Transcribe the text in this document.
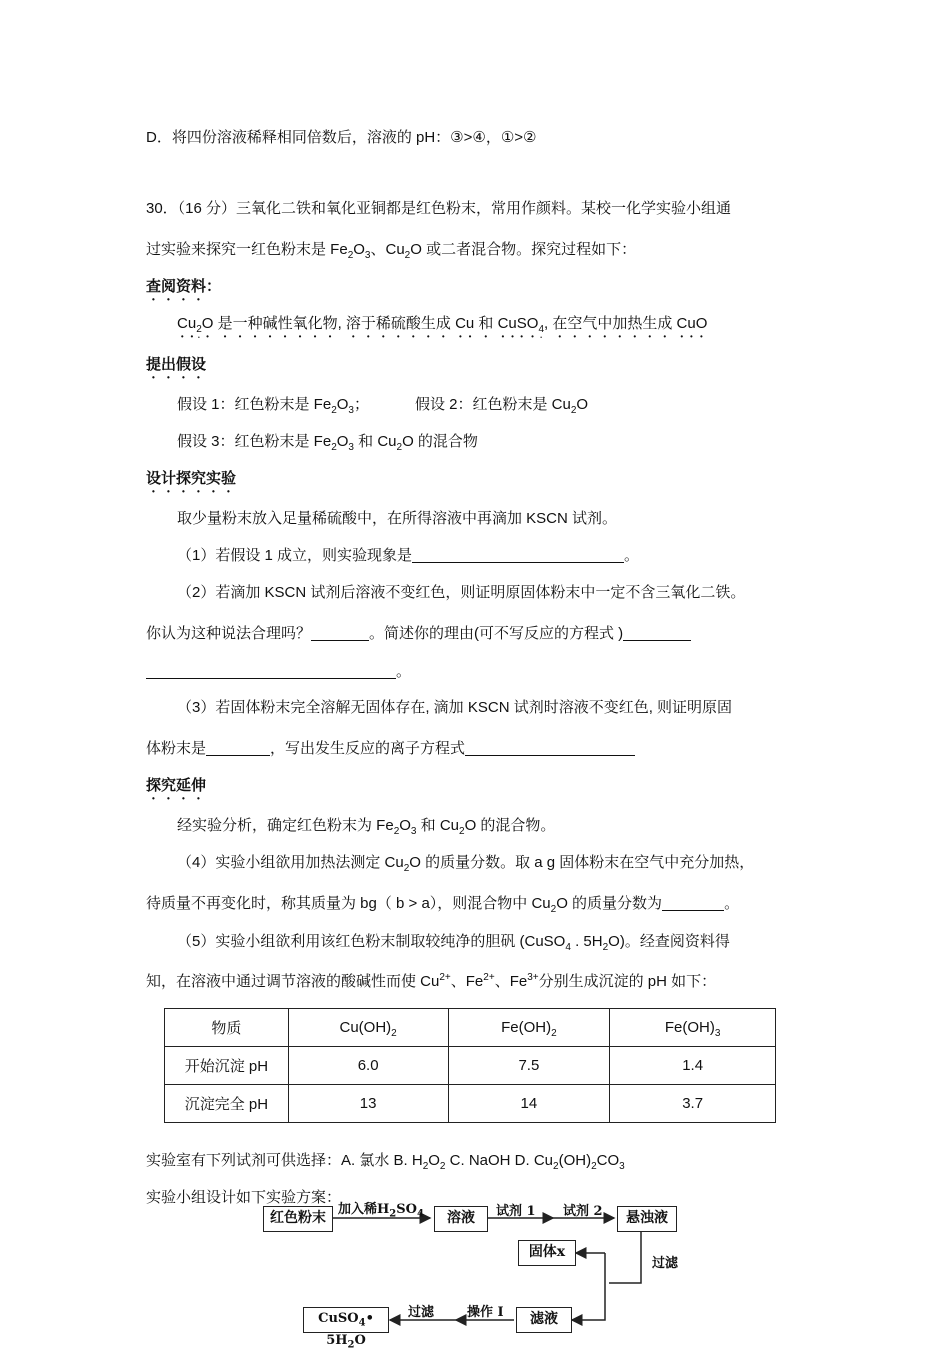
D．将四份溶液稀释相同倍数后，溶液的 pH：③>④，①>②
30．（16 分）三氧化二铁和氧化亚铜都是红色粉末，常用作颜料。某校一化学实验小组通
过实验来探究一红色粉末是 $Fe_2O_3$、$Cu_2O$ 或二者混合物。探究过程如下：
查阅资料：
$Cu_2O$ 是一种碱性氧化物, 溶于稀硫酸生成 Cu 和 CuSO$_4$, 在空气中加热生成 CuO
提出假设
假设 1：红色粉末是 $Fe_2O_3$；	假设 2：红色粉末是 $Cu_2O$
假设 3：红色粉末是 $Fe_2O_3$ 和 $Cu_2O$ 的混合物
设计探究实验
取少量粉末放入足量稀硫酸中，在所得溶液中再滴加 KSCN 试剂。
（1）若假设 1 成立，则实验现象是	。
（2）若滴加 KSCN 试剂后溶液不变红色，则证明原固体粉末中一定不含三氧化二铁。
你认为这种说法合理吗？	。简述你的理由(可不写反应的方程式 )
。
（3）若固体粉末完全溶解无固体存在, 滴加 KSCN 试剂时溶液不变红色, 则证明原固
体粉末是	，写出发生反应的离子方程式
探究延伸
经实验分析，确定红色粉末为 $Fe_2O_3$ 和 $Cu_2O$ 的混合物。
（4）实验小组欲用加热法测定 $Cu_2O$ 的质量分数。取 a g 固体粉末在空气中充分加热，
待质量不再变化时，称其质量为 bg（ b > a），则混合物中 $Cu_2O$ 的质量分数为	。
（5）实验小组欲利用该红色粉末制取较纯净的胆矾 (CuSO$_4$ . $5H_2O$)。经查阅资料得
知，在溶液中通过调节溶液的酸碱性而使 $Cu^{2+}$、$Fe^{2+}$、$Fe^{3+}$分别生成沉淀的 pH 如下：
物质	$Cu(OH)_2$	$Fe(OH)_2$	$Fe(OH)_3$
开始沉淀 pH	6.0	7.5	1.4
沉淀完全 pH	13	14	3.7
实验室有下列试剂可供选择：A. 氯水 B. $H_2O_2$ C. NaOH D. $Cu_2(OH)_2CO_3$
实验小组设计如下实验方案：
红色粉末
加入稀$H_2SO_4$	溶液	试剂 1 试剂 2	悬浊液
过滤
固体x
滤液
操作 I
过滤
CuSO$_4$• $5H_2O$
